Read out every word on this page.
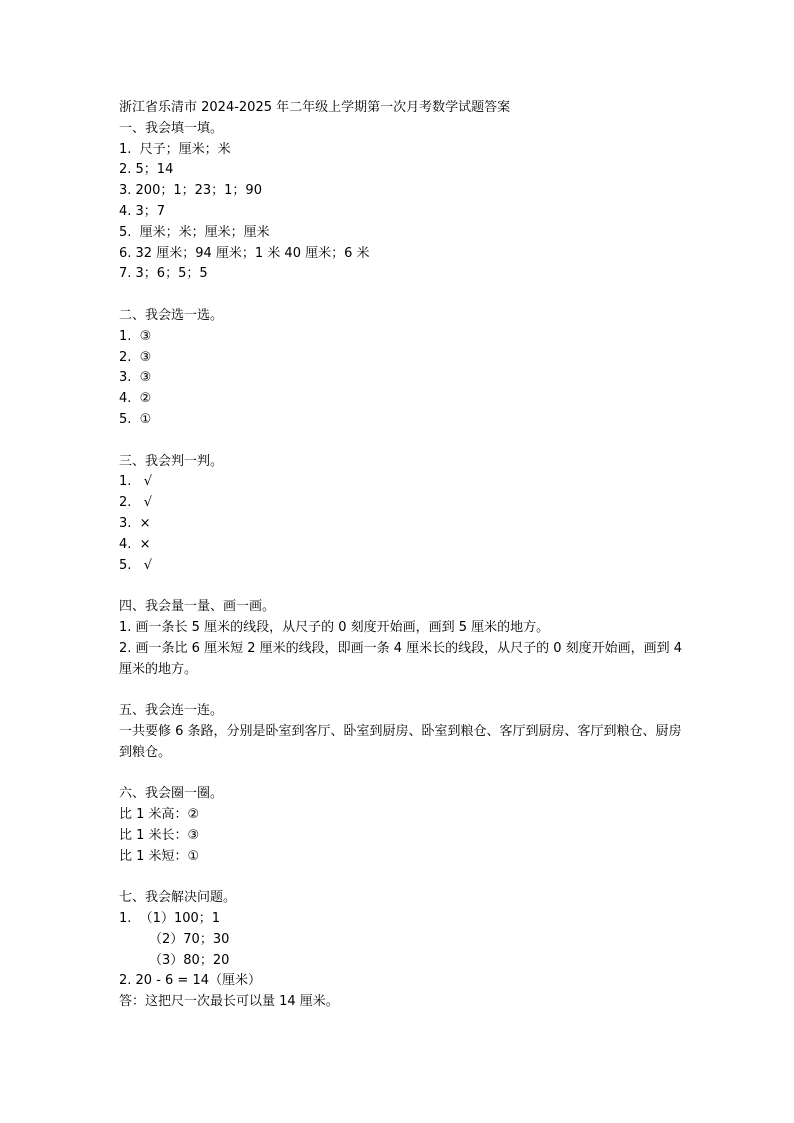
浙江省乐清市 2024-2025 年二年级上学期第一次月考数学试题答案
一、我会填一填。
1.  尺子；厘米；米
2. 5；14
3. 200；1；23；1；90
4. 3；7
5.  厘米；米；厘米；厘米
6. 32 厘米；94 厘米；1 米 40 厘米；6 米
7. 3；6；5；5
二、我会选一选。
1.  ③
2.  ③
3.  ③
4.  ②
5.  ①
三、我会判一判。
1.   √
2.   √
3.  ×
4.  ×
5.   √
四、我会量一量、画一画。
1. 画一条长 5 厘米的线段，从尺子的 0 刻度开始画，画到 5 厘米的地方。
2. 画一条比 6 厘米短 2 厘米的线段，即画一条 4 厘米长的线段，从尺子的 0 刻度开始画，画到 4 厘米的地方。
五、我会连一连。
一共要修 6 条路，分别是卧室到客厅、卧室到厨房、卧室到粮仓、客厅到厨房、客厅到粮仓、厨房到粮仓。
六、我会圈一圈。
比 1 米高：②
比 1 米长：③
比 1 米短：①
七、我会解决问题。
1.  （1）100；1
（2）70；30
（3）80；20
2. 20 - 6 = 14（厘米）
答：这把尺一次最长可以量 14 厘米。
